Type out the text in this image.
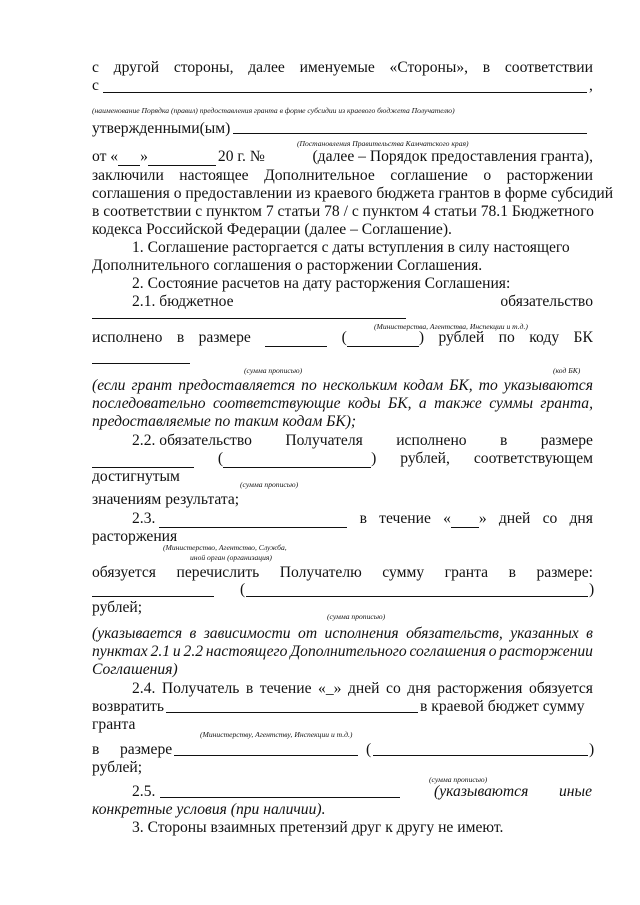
с другой стороны, далее именуемые «Стороны», в соответствии
с	,
(наименование Порядка (правил) предоставления гранта в форме субсидии из краевого бюджета Получателю)
утвержденными(ым)
(Постановления Правительства Камчатского края)
от « »	20 г. №	(далее – Порядок предоставления гранта),
заключили настоящее Дополнительное соглашение о расторжении
соглашения о предоставлении из краевого бюджета грантов в форме субсидий
в соответствии с пунктом 7 статьи 78 / с пунктом 4 статьи 78.1 Бюджетного
кодекса Российской Федерации (далее – Соглашение).
1. Соглашение расторгается с даты вступления в силу настоящего
Дополнительного соглашения о расторжении Соглашения.
2. Состояние расчетов на дату расторжения Соглашения:
2.1. бюджетное	обязательство
(Министерства, Агентства, Инспекции и т.д.)
исполнено в размере	(	) рублей по коду БК
(сумма прописью)	(код БК)
(если грант предоставляется по нескольким кодам БК, то указываются
последовательно соответствующие коды БК, а также суммы гранта,
предоставляемые по таким кодам БК);
2.2. обязательство Получателя исполнено в размере
(	) рублей, соответствующем
достигнутым	(сумма прописью)
значениям результата;
2.3.	в течение « » дней со дня
расторжения
(Министерство, Агентство, Служба,
иной орган (организация)
обязуется перечислить Получателю сумму гранта в размере:
(	)
рублей;
(сумма прописью)
(указывается в зависимости от исполнения обязательств, указанных в
пунктах 2.1 и 2.2 настоящего Дополнительного соглашения о расторжении
Соглашения)
2.4. Получатель в течение «_» дней со дня расторжения обязуется
возвратить	в краевой бюджет сумму
гранта
(Министерству, Агентству, Инспекции и т.д.)
в размере	(	)
рублей;
(сумма прописью)
2.5.	(указываются иные
конкретные условия (при наличии).
3. Стороны взаимных претензий друг к другу не имеют.
